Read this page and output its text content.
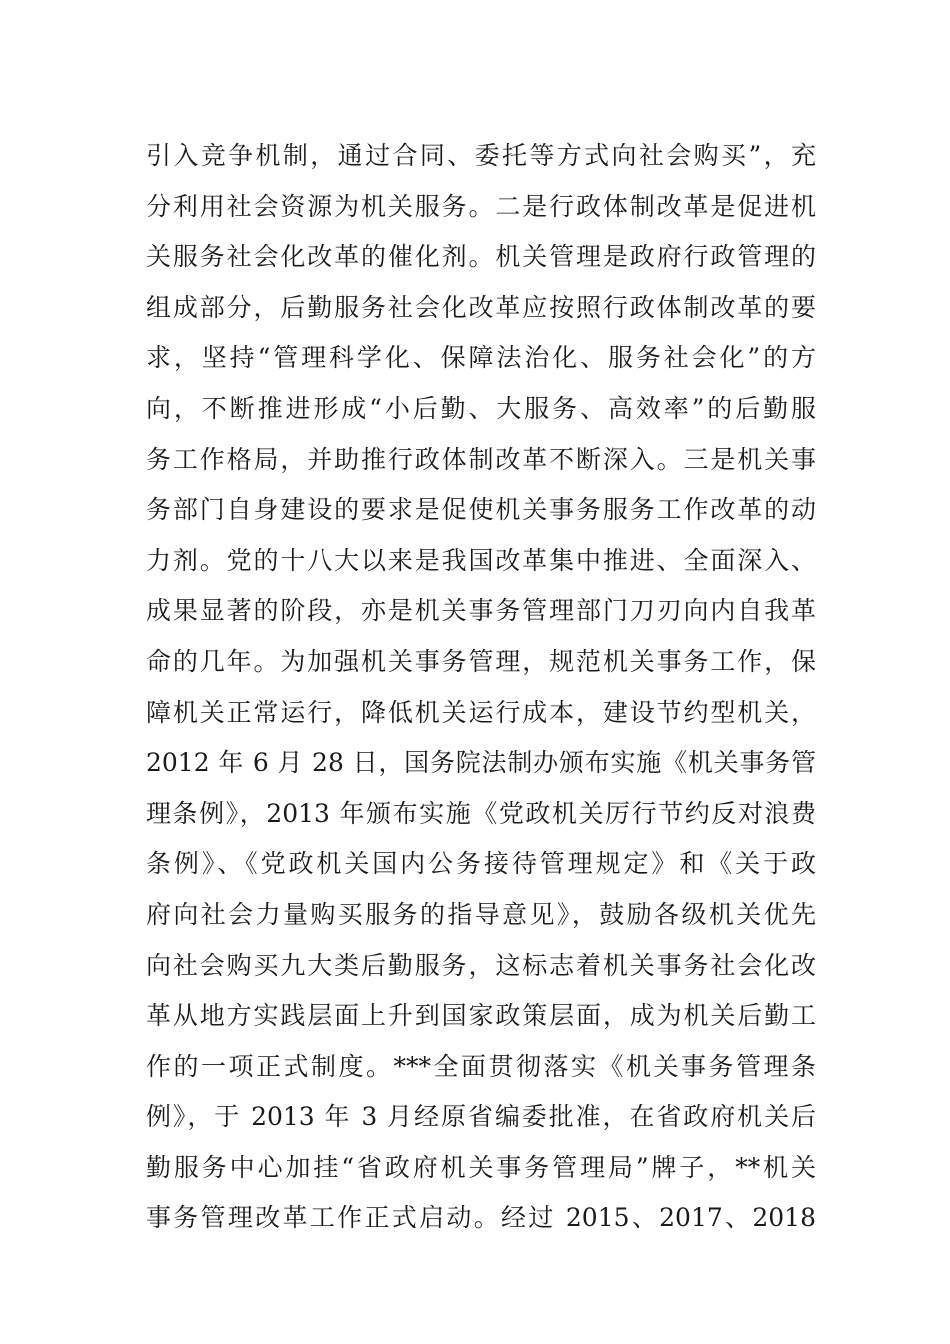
引入竞争机制，通过合同、委托等方式向社会购买”，充
分利用社会资源为机关服务。二是行政体制改革是促进机
关服务社会化改革的催化剂。机关管理是政府行政管理的
组成部分，后勤服务社会化改革应按照行政体制改革的要
求，坚持“管理科学化、保障法治化、服务社会化”的方
向，不断推进形成“小后勤、大服务、高效率”的后勤服
务工作格局，并助推行政体制改革不断深入。三是机关事
务部门自身建设的要求是促使机关事务服务工作改革的动
力剂。党的十八大以来是我国改革集中推进、全面深入、
成果显著的阶段，亦是机关事务管理部门刀刃向内自我革
命的几年。为加强机关事务管理，规范机关事务工作，保
障机关正常运行，降低机关运行成本，建设节约型机关，
2012 年 6 月 28 日，国务院法制办颁布实施《机关事务管
理条例》，2013 年颁布实施《党政机关厉行节约反对浪费
条例》、《党政机关国内公务接待管理规定》和《关于政
府向社会力量购买服务的指导意见》，鼓励各级机关优先
向社会购买九大类后勤服务，这标志着机关事务社会化改
革从地方实践层面上升到国家政策层面，成为机关后勤工
作的一项正式制度。***全面贯彻落实《机关事务管理条
例》，于 2013 年 3 月经原省编委批准，在省政府机关后
勤服务中心加挂“省政府机关事务管理局”牌子，**机关
事务管理改革工作正式启动。经过 2015、2017、2018
